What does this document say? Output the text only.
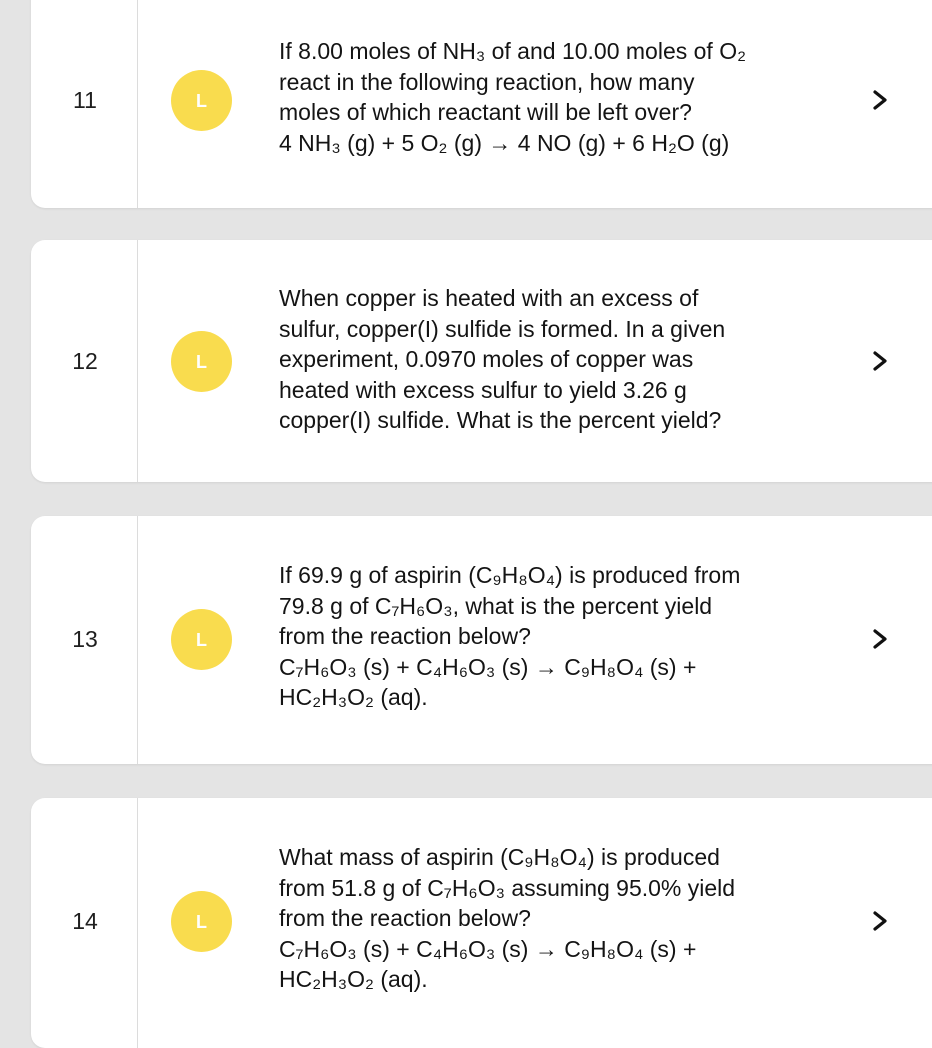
11	L
If 8.00 moles of NH₃ of and 10.00 moles of O₂
react in the following reaction, how many
moles of which reactant will be left over?
4 NH₃ (g) + 5 O₂ (g) → 4 NO (g) + 6 H₂O (g)
12	L
When copper is heated with an excess of
sulfur, copper(I) sulfide is formed. In a given
experiment, 0.0970 moles of copper was
heated with excess sulfur to yield 3.26 g
copper(I) sulfide. What is the percent yield?
13	L
If 69.9 g of aspirin (C₉H₈O₄) is produced from
79.8 g of C₇H₆O₃, what is the percent yield
from the reaction below?
C₇H₆O₃ (s) + C₄H₆O₃ (s) → C₉H₈O₄ (s) +
HC₂H₃O₂ (aq).
14	L
What mass of aspirin (C₉H₈O₄) is produced
from 51.8 g of C₇H₆O₃ assuming 95.0% yield
from the reaction below?
C₇H₆O₃ (s) + C₄H₆O₃ (s) → C₉H₈O₄ (s) +
HC₂H₃O₂ (aq).
